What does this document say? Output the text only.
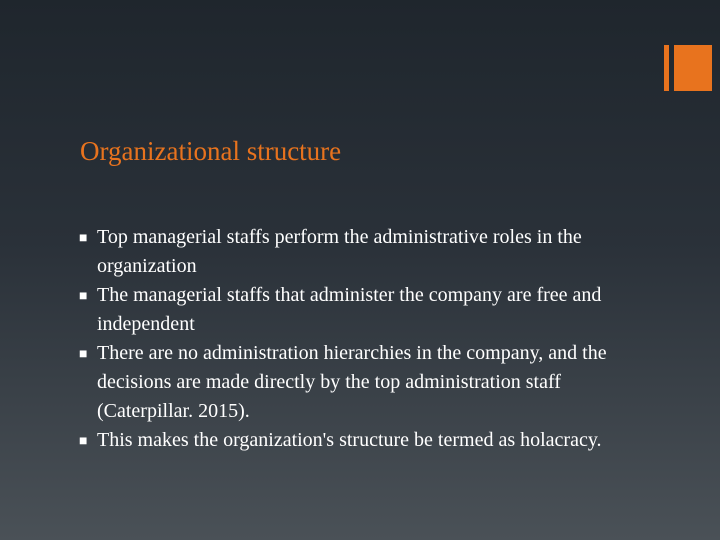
Organizational structure
■ Top managerial staffs perform the administrative roles in the organization
■ The managerial staffs that administer the company are free and independent
■ There are no administration hierarchies in the company, and the decisions are made directly by the top administration staff (Caterpillar. 2015).
■ This makes the organization's structure be termed as holacracy.
